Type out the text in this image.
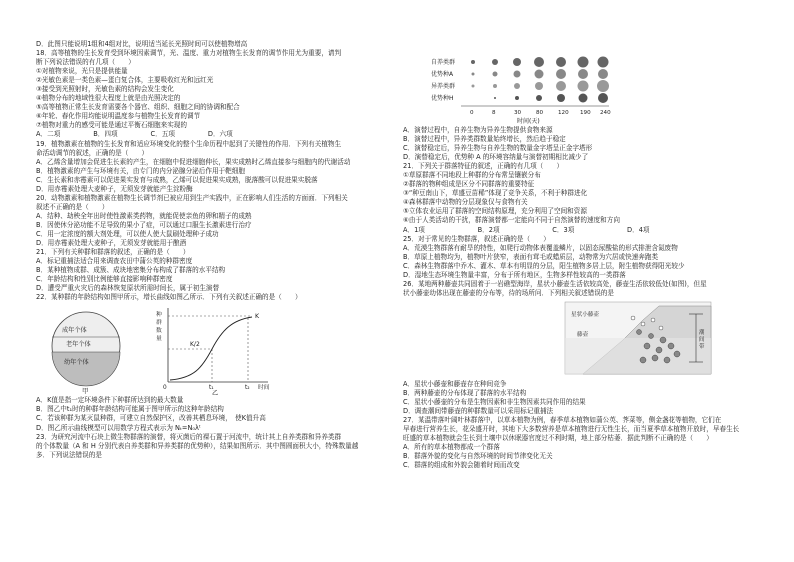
D．此图只能说明1组和4组对比，说明适当延长光照时间可以使植物增高
18．高等植物的生长发育受到环境因素调节，光、温度、重力对植物生长发育的调节作用尤为重要，请判
断下列说法错误的有几项（　　）
①对植物来说，光只是提供能量
②光敏色素是一类色素—蛋白复合体，主要吸收红光和远红光
③接受到光照射时，光敏色素的结构会发生变化
④植物分布的地域性很大程度上就是由光照决定的
⑤高等植物正常生长发育需要各个器官、组织、细胞之间的协调和配合
⑥年轮、春化作用均能说明温度参与植物生长发育的调节
⑦植物对重力的感受可能是通过平衡石细胞来实现的
A．二项　　　　　B．四项　　　　　C．五项　　　　　D．六项
19．植物激素在植物的生长发育和适应环境变化的整个生命历程中起到了关键性的作用．下列有关植物生
命活动调节的叙述，正确的是（　　）
A．乙烯含量增加会促进生长素的产生，在细胞中促进细胞伸长，果实成熟时乙烯直接参与细胞内的代谢活动
B．植物激素的产生与环境有关，由专门的内分泌腺分泌后作用于靶细胞
C．生长素和赤霉素可以促进果实发育与成熟，乙烯可以促进果实成熟，脱落酸可以促进果实脱落
D．用赤霉素处理大麦种子，无须发芽就能产生淀粉酶
20．动物激素和植物激素在植物生长调节剂已被应用到生产实践中，正在影响人们生活的方面面．下列相关
叙述不正确的是（　　）
A．结种、劫秧全年出时使性激素类药物，就能促使亲鱼的卵和精子的成熟
B．因使休分泌功能不足导致的果小了症，可以通过口服生长激素进行治疗
C．用一定浓度的额大剂处理，可以使人使大鼠刷处理种子成功
D．用赤霉素处理大麦种子，无须发芽就能用于酿酒
21．下列有关种群和群落的叙述，正确的是（　　）
A．标记重捕法适合用来调查农田中蒲公英的种群密度
B．某种植物成群、成簇、成块地密集分布构成了群落的水平结构
C．年龄结构和性别比例能够直接影响种群密度
D．遭受严重火灾后的森林恢复原状所需时间长，属于初生演替
22．某种群的年龄结构如图甲所示，增长曲线如图乙所示．下列有关叙述正确的是（　　）
成年个体
老年个体
幼年个体
甲
种
群
数
量
K
K/2
0	t₁	t₂ 时间
乙
A．K值是指一定环境条件下种群所达到的最大数量
B．图乙中t₁时的种群年龄结构可能属于图甲所示的这种年龄结构
C．若该种群为某灭鼠种群，可建立自然保护区，改善其栖息环境，　使K值升高
D．图乙所示曲线模型可以用数学方程式表示为 Nₜ=N₀λᵗ
23．为研究河流中石块上微生物群落的演替，将灭菌后的裸石置于河流中，统计其上自养类群和异养类群
的个体数量（A 和 H 分别代表自养类群和异养类群的优势种），结果如图所示．其中图圆面积大小，特殊数量越
多．下列说法错误的是
自养类群
优势种A
异养类群
优势种H
0	8	30	80	120 190 240
时间(天)
A．演替过程中，自养生物为异养生物提供食物来源
B．演替过程中，异养类群数量始终增长，然后趋于稳定
C．演替稳定后，异养生物与自养生物的数量金字塔呈正金字塔形
D．演替稳定后，优势种 A 的环境容纳量与演替初期相比减少了
21．下列关于群落特征的叙述，正确的有几项（　　）
①草原群落不同地段上种群的分布常呈镶嵌分布
②群落的物种组成是区分不同群落的重要特征
③“种豆南山下，草盛豆苗稀”体现了竞争关系，不利于种群进化
④森林群落中动物的分层现象仅与食物有关
⑤立体农业运用了群落的空间结构原理，充分利用了空间和资源
⑥由于人类活动的干扰，群落演替都一定能向不同于自然演替的速度和方向
A．1项　　　　　　　　B．2项　　　　　　　　C．3项　　　　　　　　D．4项
25．对于常见的生物群落，叙述正确的是（　　）
A．荒漠生物群落有耐旱的特性，如爬行动物体表覆盖鳞片，以固态尿酸盐的形式排泄含氮废物
B．草原上植物均为，植物叶片狭窄，表面有茸毛或蜡质层，动物常为穴居或快速奔跑类
C．森林生物群落中乔木、灌木、草本有明显的分层，阳生植物多居上层，附生植物获得阳光较少
D．湿地生态环境生物量丰富，分布于所有地区，生物多样性较高的一类群落
26．某地两种藤壶共同固着于一岩礁型海岸，星状小藤壶生活依较高处，藤壶生活依较低处(如图)，但星
状小藤壶幼体出现在藤壶的分布等，待的场所问．下列相关叙述错误的是
星状小藤壶
藤壶	潮
间
带
A．星状小藤壶和藤壶存在种间竞争
B．两种藤壶的分布体现了群落的水平结构
C．星状小藤壶的分布是生物因素和非生物因素共同作用的结果
D．调查潮间带藤壶的种群数量可以采用标记重捕法
27．某温带落叶阔叶林群落中，以草本植物为例，春季草本植物如蒲公英、荠菜等，侧金盏花等植物，它们在
早春进行营养生长，花朵盛开时，其地下大多数营养是草本植物进行无性生长，而当夏季草本植物开放时，早春生长
旺盛的草本植物就会生长到土壤中以休眠器官度过不利时期，地上部分枯萎．据此判断不正确的是（　　）
A．所有的草本植物都成一个群落
B．群落外貌的变化与自然环境的时间节律变化无关
C．群落的组成和外貌会随着时间而改变
